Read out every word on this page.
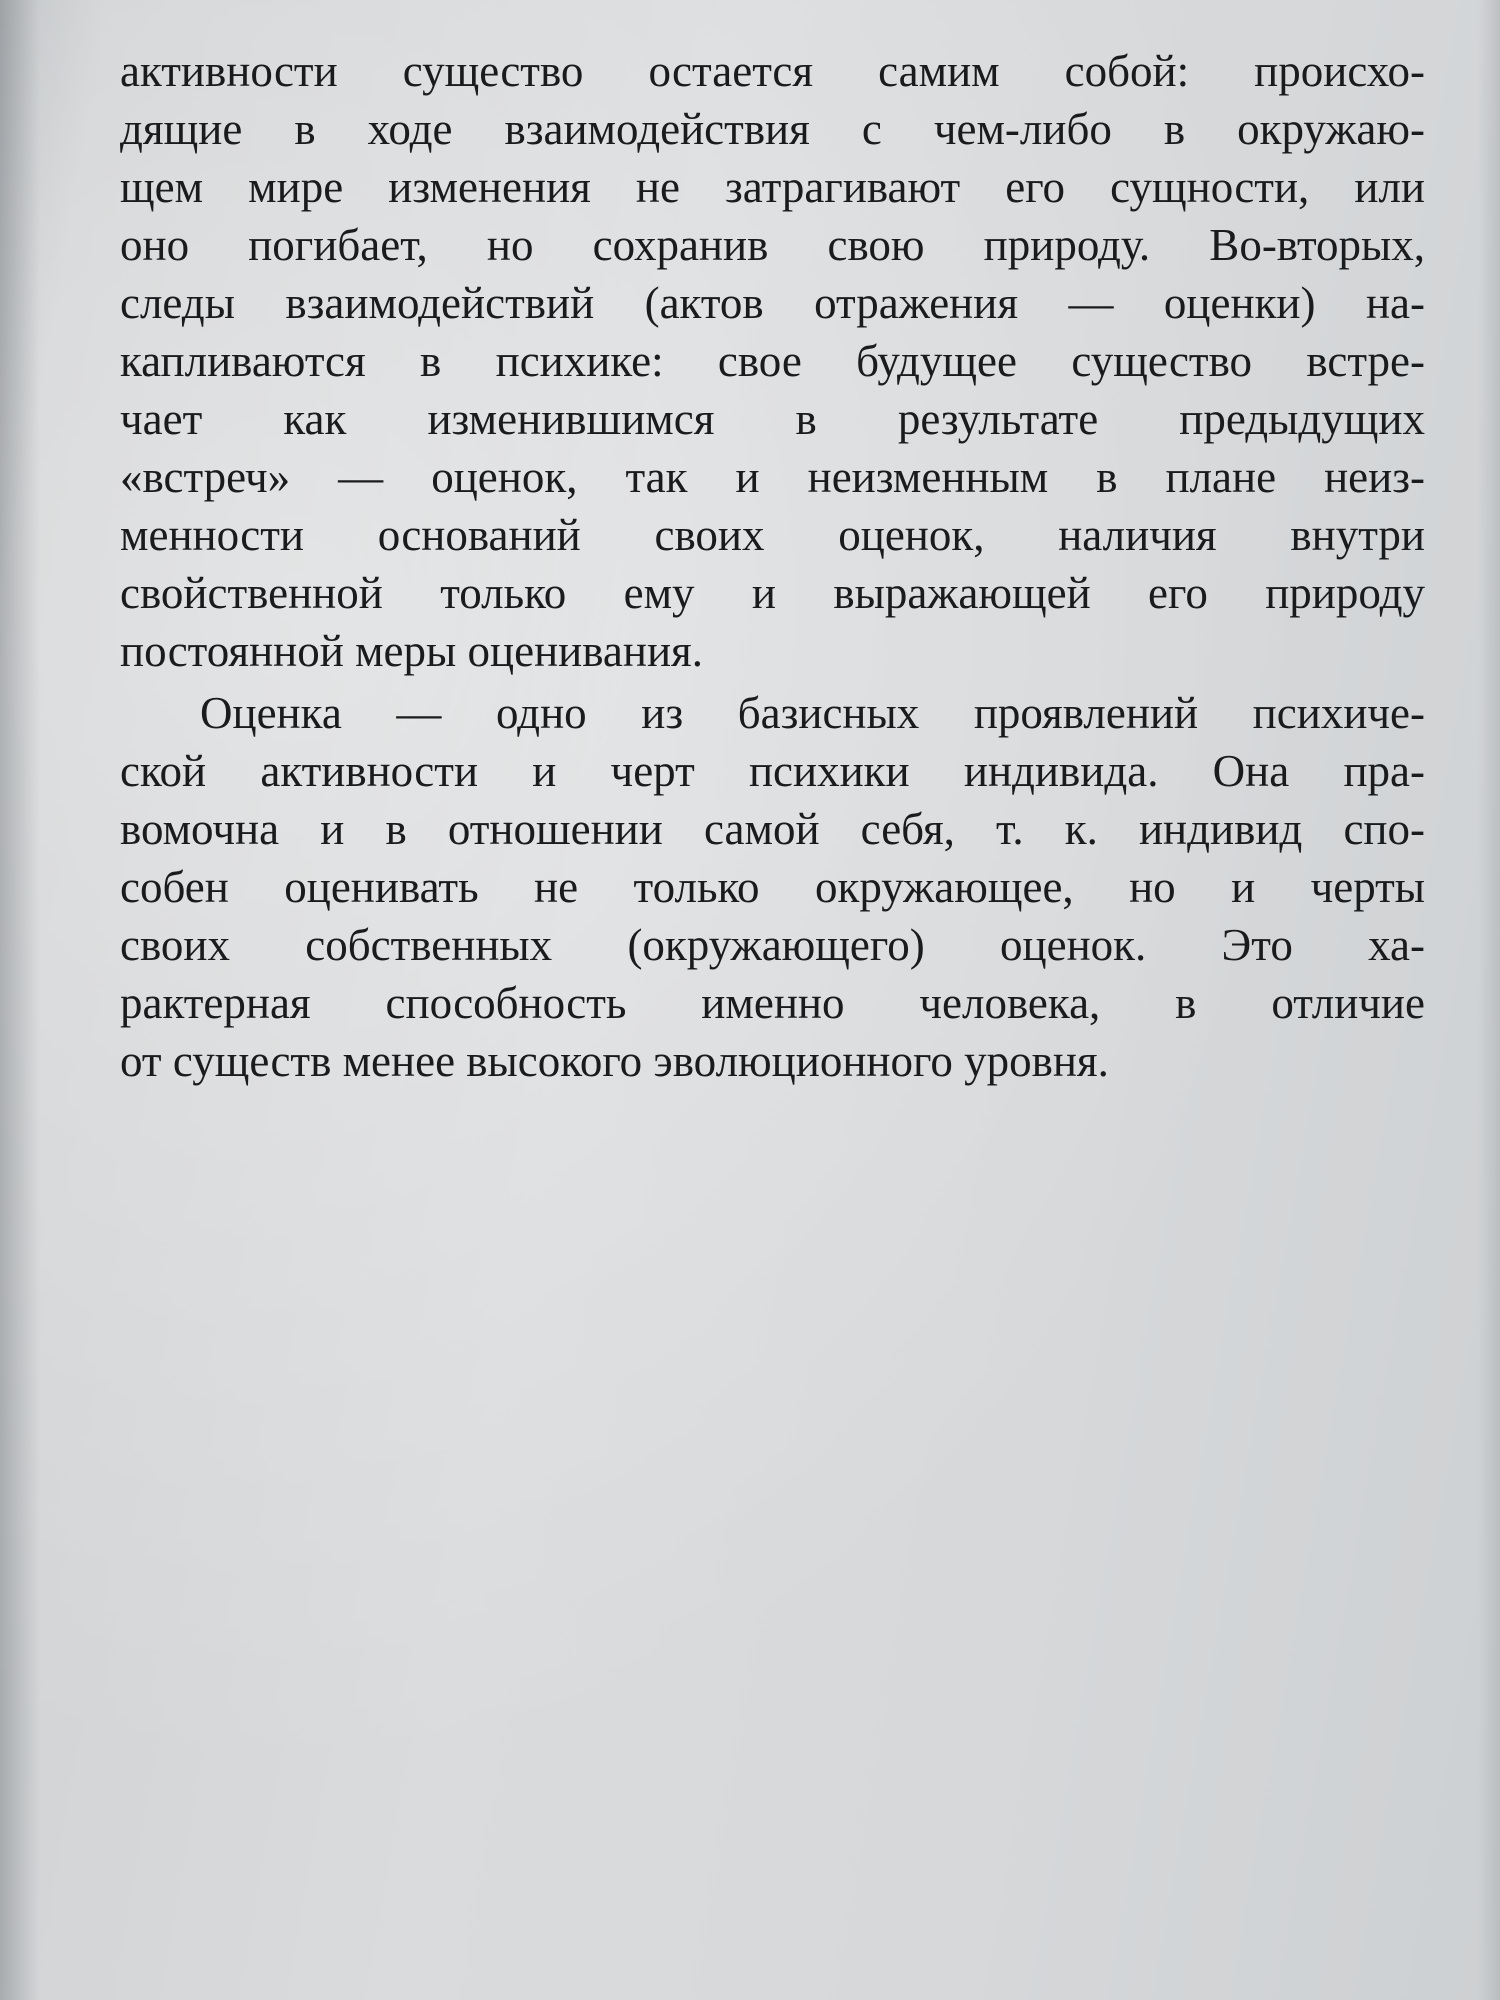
активности существо остается самим собой: происхо-
дящие в ходе взаимодействия с чем-либо в окружаю-
щем мире изменения не затрагивают его сущности, или
оно погибает, но сохранив свою природу. Во-вторых,
следы взаимодействий (актов отражения — оценки) на-
капливаются в психике: свое будущее существо встре-
чает как изменившимся в результате предыдущих
«встреч» — оценок, так и неизменным в плане неиз-
менности оснований своих оценок, наличия внутри
свойственной только ему и выражающей его природу
постоянной меры оценивания.
Оценка — одно из базисных проявлений психиче-
ской активности и черт психики индивида. Она пра-
вомочна и в отношении самой себя, т. к. индивид спо-
собен оценивать не только окружающее, но и черты
своих собственных (окружающего) оценок. Это ха-
рактерная способность именно человека, в отличие
от существ менее высокого эволюционного уровня.
